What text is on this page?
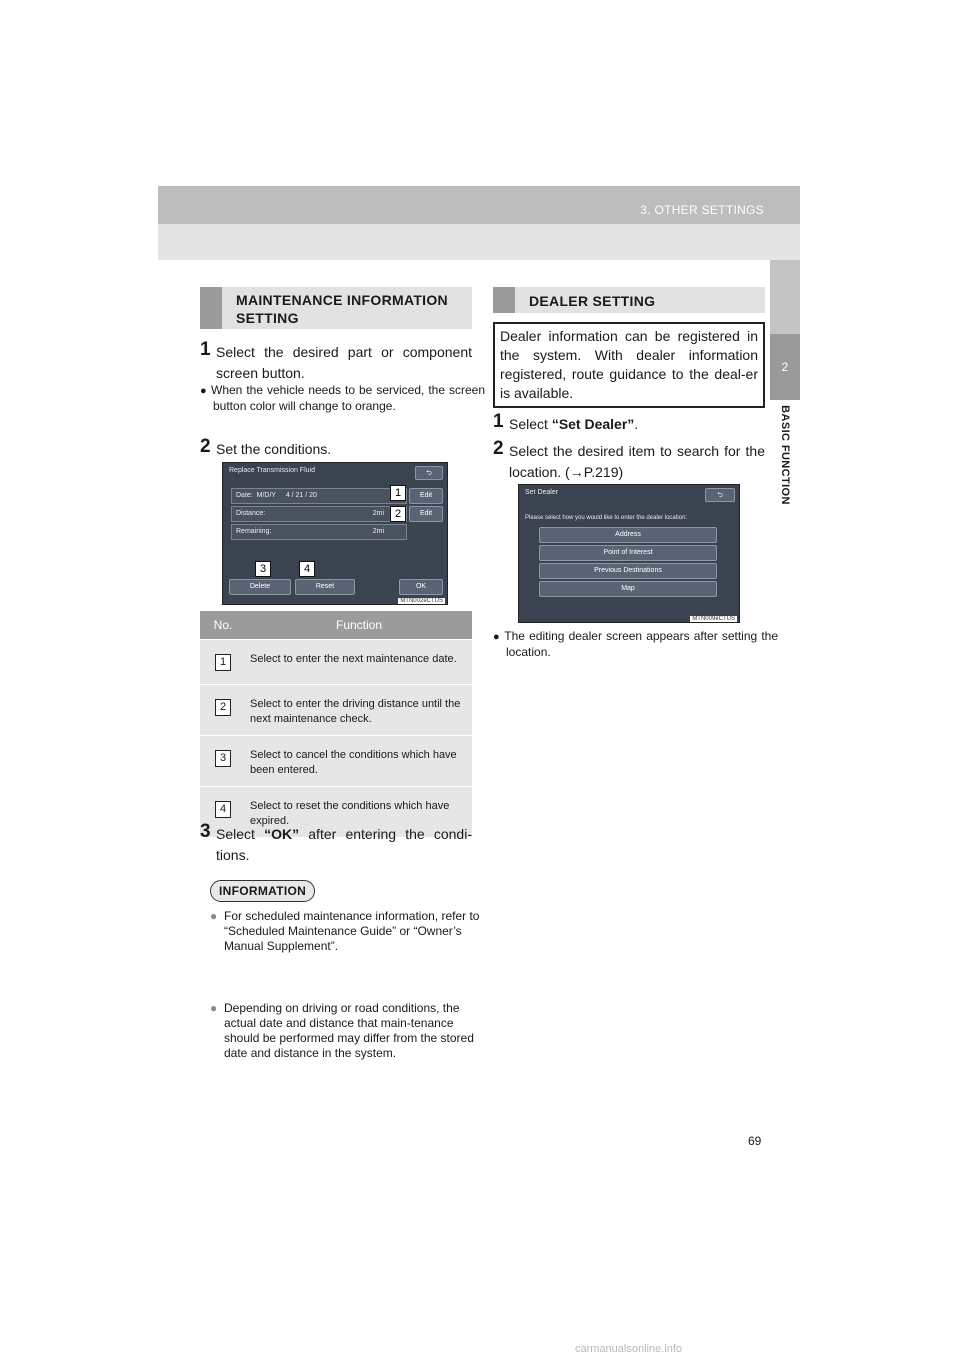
3. OTHER SETTINGS
2
BASIC FUNCTION
MAINTENANCE INFORMATION SETTING
1 Select the desired part or component screen button.
● When the vehicle needs to be serviced, the screen button color will change to orange.
2 Set the conditions.
Replace Transmission Fluid	⮌
Date: M/D/Y 4 / 21 / 20	Edit
Distance:	2mi	Edit
Remaining:	2mi
Delete	Reset	OK
MTN002eCTUS
1
2
3	4
No.	Function
1	Select to enter the next maintenance date.
2	Select to enter the driving distance until the next maintenance check.
3	Select to cancel the conditions which have been entered.
4	Select to reset the conditions which have expired.
3 Select “OK” after entering the condi-tions.
INFORMATION
● For scheduled maintenance information, refer to “Scheduled Maintenance Guide” or “Owner’s Manual Supplement”.
● Depending on driving or road conditions, the actual date and distance that main-tenance should be performed may differ from the stored date and distance in the system.
DEALER SETTING
Dealer information can be registered in the system. With dealer information registered, route guidance to the deal-er is available.
1 Select “Set Dealer”.
2 Select the desired item to search for the location. (→P.219)
Set Dealer	⮌
Please select how you would like to enter the dealer location:
Address
Point of Interest
Previous Destinations
Map
MTN009eCTUS
● The editing dealer screen appears after setting the location.
69
carmanualsonline.info
